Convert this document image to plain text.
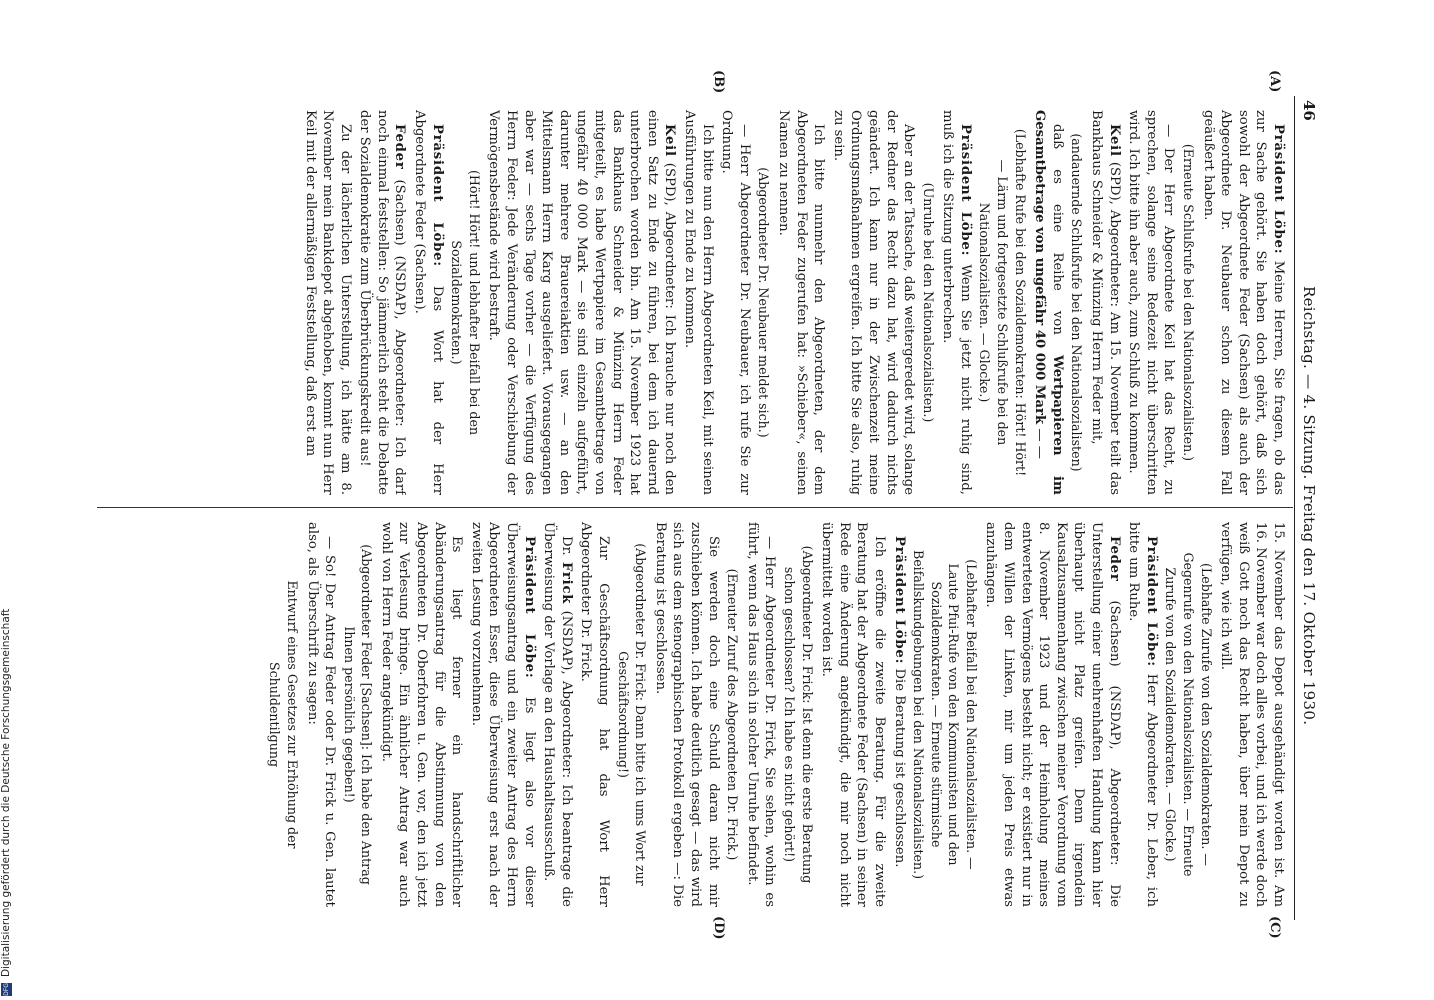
46
Reichstag. — 4. Sitzung. Freitag den 17. Oktober 1930.
(A)
(B)
(C)
(D)

Präsident Löbe: Meine Herren, Sie fragen, ob das zur Sache gehört. Sie haben doch gehört, daß sich sowohl der Abgeordnete Feder (Sachsen) als auch der Abgeordnete Dr. Neubauer schon zu diesem Fall geäußert haben.

(Erneute Schlußrufe bei den Nationalsozialisten.)

— Der Herr Abgeordnete Keil hat das Recht, zu sprechen, solange seine Redezeit nicht überschritten wird. Ich bitte ihn aber auch, zum Schluß zu kommen.

Keil (SPD), Abgeordneter: Am 15. November teilt das Bankhaus Schneider & Münzing Herrn Feder mit,

(andauernde Schlußrufe bei den Nationalsozialisten)

daß es eine Reihe von Wertpapieren im Gesamtbetrage von ungefähr 40 000 Mark — —

(Lebhafte Rufe bei den Sozialdemokraten: Hört! Hört! — Lärm und fortgesetzte Schlußrufe bei den Nationalsozialisten. — Glocke.)

Präsident Löbe: Wenn Sie jetzt nicht ruhig sind, muß ich die Sitzung unterbrechen.

(Unruhe bei den Nationalsozialisten.)

Aber an der Tatsache, daß weitergeredet wird, solange der Redner das Recht dazu hat, wird dadurch nichts geändert. Ich kann nur in der Zwischenzeit meine Ordnungsmaßnahmen ergreifen. Ich bitte Sie also, ruhig zu sein.

Ich bitte nunmehr den Abgeordneten, der dem Abgeordneten Feder zugerufen hat: »Schieber«, seinen Namen zu nennen.

(Abgeordneter Dr. Neubauer meldet sich.)

— Herr Abgeordneter Dr. Neubauer, ich rufe Sie zur Ordnung.

Ich bitte nun den Herrn Abgeordneten Keil, mit seinen Ausführungen zu Ende zu kommen.

Keil (SPD), Abgeordneter: Ich brauche nur noch den einen Satz zu Ende zu führen, bei dem ich dauernd unterbrochen worden bin. Am 15. November 1923 hat das Bankhaus Schneider & Münzing Herrn Feder mitgeteilt, es habe Wertpapiere im Gesamtbetrage von ungefähr 40 000 Mark — sie sind einzeln aufgeführt, darunter mehrere Brauereiaktien usw. — an den Mittelsmann Herrn Karg ausgeliefert. Vorausgegangen aber war — sechs Tage vorher — die Verfügung des Herrn Feder: Jede Veränderung oder Verschiebung der Vermögensbestände wird bestraft.

(Hört! Hört! und lebhafter Beifall bei den Sozialdemokraten.)

Präsident Löbe: Das Wort hat der Herr Abgeordnete Feder (Sachsen).

Feder (Sachsen) (NSDAP), Abgeordneter: Ich darf noch einmal feststellen: So jämmerlich steht die Debatte der Sozialdemokratie zum Überbrückungskredit aus!

Zu der lächerlichen Unterstellung, ich hätte am 8. November mein Bankdepot abgehoben, kommt nun Herr Keil mit der allermäßigen Feststellung, daß erst am

15. November das Depot ausgehändigt worden ist. Am 16. November war doch alles vorbei, und ich werde doch weiß Gott noch das Recht haben, über mein Depot zu verfügen, wie ich will.

(Lebhafte Zurufe von den Sozialdemokraten. — Gegenrufe von den Nationalsozialisten. — Erneute Zurufe von den Sozialdemokraten. — Glocke.)

Präsident Löbe: Herr Abgeordneter Dr. Leber, ich bitte um Ruhe.

Feder (Sachsen) (NSDAP), Abgeordneter: Die Unterstellung einer unehrenhaften Handlung kann hier überhaupt nicht Platz greifen. Denn irgendein Kausalzusammenhang zwischen meiner Verordnung vom 8. November 1923 und der Heimholung meines entwerteten Vermögens besteht nicht; er existiert nur in dem Willen der Linken, mir um jeden Preis etwas anzuhängen.

(Lebhafter Beifall bei den Nationalsozialisten. — Laute Pfui-Rufe von den Kommunisten und den Sozialdemokraten. — Erneute stürmische Beifallskundgebungen bei den Nationalsozialisten.)

Präsident Löbe: Die Beratung ist geschlossen.

Ich eröffne die zweite Beratung. Für die zweite Beratung hat der Abgeordnete Feder (Sachsen) in seiner Rede eine Änderung angekündigt, die mir noch nicht übermittelt worden ist.

(Abgeordneter Dr. Frick: Ist denn die erste Beratung schon geschlossen? Ich habe es nicht gehört!)

— Herr Abgeordneter Dr. Frick, Sie sehen, wohin es führt, wenn das Haus sich in solcher Unruhe befindet.

(Erneuter Zuruf des Abgeordneten Dr. Frick.)

Sie werden doch eine Schuld daran nicht mir zuschieben können. Ich habe deutlich gesagt — das wird sich aus dem stenographischen Protokoll ergeben —: Die Beratung ist geschlossen.

(Abgeordneter Dr. Frick: Dann bitte ich ums Wort zur Geschäftsordnung!)

Zur Geschäftsordnung hat das Wort Herr Abgeordneter Dr. Frick.

Dr. Frick (NSDAP), Abgeordneter: Ich beantrage die Überweisung der Vorlage an den Haushaltsausschuß.

Präsident Löbe: Es liegt also vor dieser Überweisungsantrag und ein zweiter Antrag des Herrn Abgeordneten Esser, diese Überweisung erst nach der zweiten Lesung vorzunehmen.

Es liegt ferner ein handschriftlicher Abänderungsantrag für die Abstimmung von den Abgeordneten Dr. Oberfohren u. Gen. vor, den ich jetzt zur Verlesung bringe. Ein ähnlicher Antrag war auch wohl von Herrn Feder angekündigt.

(Abgeordneter Feder [Sachsen]: Ich habe den Antrag Ihnen persönlich gegeben!)

— So! Der Antrag Feder oder Dr. Frick u. Gen. lautet also, als Überschrift zu sagen:

Entwurf eines Gesetzes zur Erhöhung der Schuldentilgung

DFGDigitalisierung gefördert durch die Deutsche Forschungsgemeinschaft
